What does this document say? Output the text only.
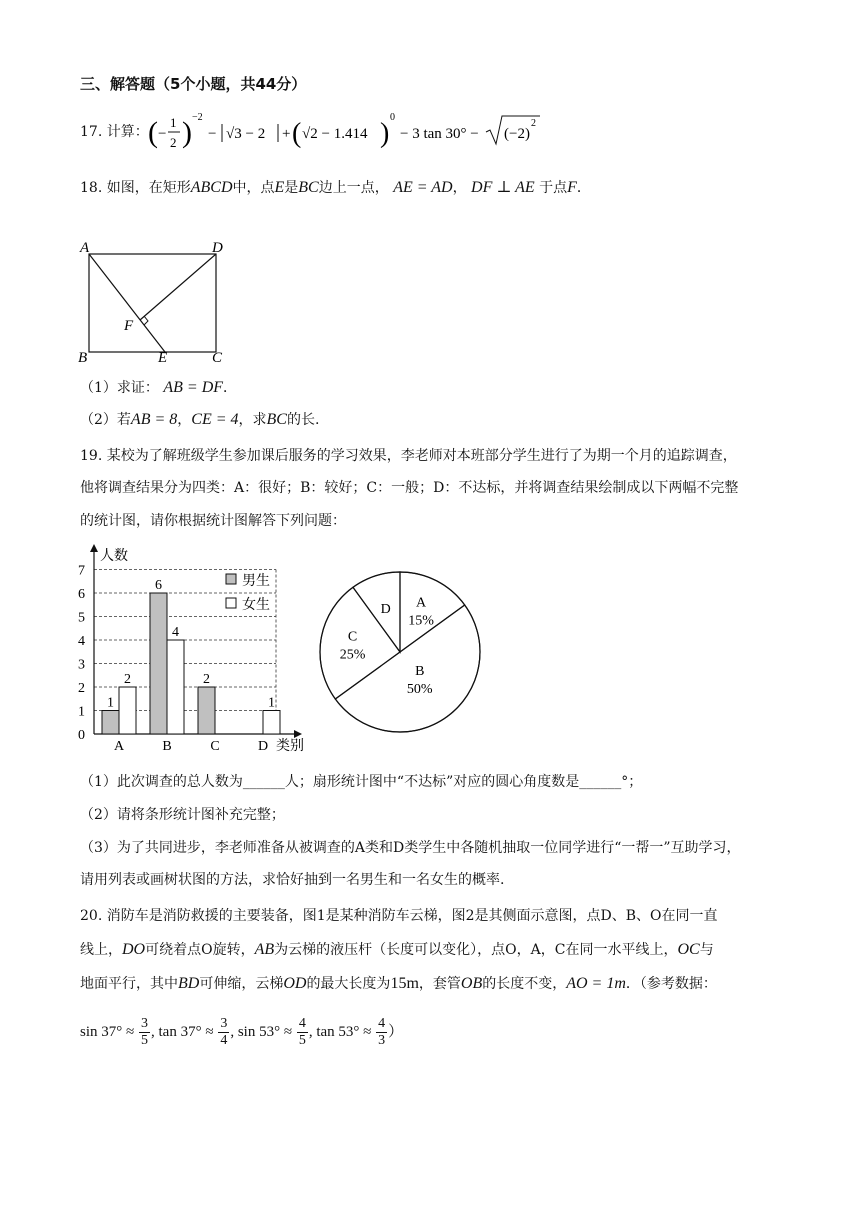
三、解答题（5个小题，共44分）
17. 计算： ( −
1
2 ) −2
− √3 − 2 + ( √2 − 1.414 )
0
− 3 tan 30° − (−2)
2
18. 如图，在矩形ABCD中，点E是BC边上一点， AE = AD， DF ⊥ AE 于点F．
A	D
B	E	C
F
（1）求证： AB = DF．
（2）若AB = 8，CE = 4，求BC的长.
19. 某校为了解班级学生参加课后服务的学习效果，李老师对本班部分学生进行了为期一个月的追踪调查，
他将调查结果分为四类：A：很好；B：较好；C：一般；D：不达标，并将调查结果绘制成以下两幅不完整
的统计图，请你根据统计图解答下列问题：
0
1
2
3
4
5
6
7
人数
1
2
A
6
4
B
2
C
1
D 类别
男生
女生	A
15%
B
50%
C
25%
D
（1）此次调查的总人数为______人；扇形统计图中“不达标”对应的圆心角度数是______°；
（2）请将条形统计图补充完整；
（3）为了共同进步，李老师准备从被调查的A类和D类学生中各随机抽取一位同学进行“一帮一”互助学习，
请用列表或画树状图的方法，求恰好抽到一名男生和一名女生的概率.
20. 消防车是消防救援的主要装备，图1是某种消防车云梯，图2是其侧面示意图，点D、B、O在同一直
线上，DO可绕着点O旋转，AB为云梯的液压杆（长度可以变化），点O，A，C在同一水平线上，OC与
地面平行，其中BD可伸缩，云梯OD的最大长度为15m，套管OB的长度不变，AO = 1m．（参考数据：
$\sin 37^\circ \approx \frac{3}{5}$ , $\tan 37^\circ \approx \frac{3}{4}$ , $\sin 53^\circ \approx \frac{4}{5}$ , $\tan 53^\circ \approx \frac{4}{3}$ ）
